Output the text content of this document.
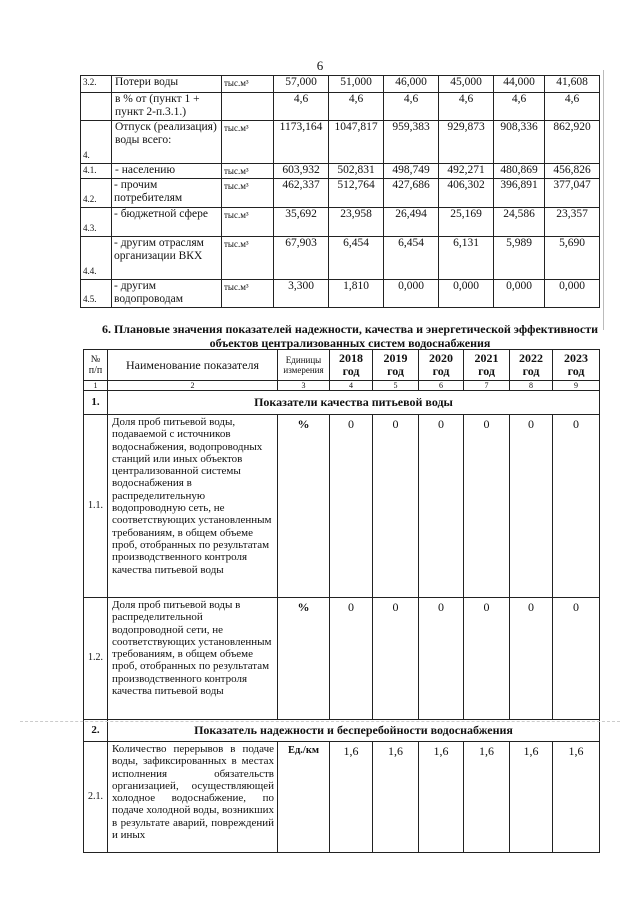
6
3.2.	Потери воды	тыс.м³	57,000	51,000	46,000	45,000	44,000	41,608
	в % от (пункт 1 + пункт 2-п.3.1.)		4,6	4,6	4,6	4,6	4,6	4,6
4.	Отпуск (реализация) воды всего:	тыс.м³	1173,164	1047,817	959,383	929,873	908,336	862,920
4.1.	- населению	тыс.м³	603,932	502,831	498,749	492,271	480,869	456,826
4.2.	- прочим потребителям	тыс.м³	462,337	512,764	427,686	406,302	396,891	377,047
4.3.	- бюджетной сфере	тыс.м³	35,692	23,958	26,494	25,169	24,586	23,357
4.4.	- другим отраслям организации ВКХ	тыс.м³	67,903	6,454	6,454	6,131	5,989	5,690
4.5.	- другим водопроводам	тыс.м³	3,300	1,810	0,000	0,000	0,000	0,000
6. Плановые значения показателей надежности, качества и энергетической эффективности объектов централизованных систем водоснабжения
№ п/п	Наименование показателя	Единицы измерения	2018 год	2019 год	2020 год	2021 год	2022 год	2023 год
1	2	3	4	5	6	7	8	9
1.	Показатели качества питьевой воды							
1.1.	Доля проб питьевой воды, подаваемой с источников водоснабжения, водопроводных станций или иных объектов централизованной системы водоснабжения в распределительную водопроводную сеть, не соответствующих установленным требованиям, в общем объеме проб, отобранных по результатам производственного контроля качества питьевой воды	%	0	0	0	0	0	0
1.2.	Доля проб питьевой воды в распределительной водопроводной сети, не соответствующих установленным требованиям, в общем объеме проб, отобранных по результатам производственного контроля качества питьевой воды	%	0	0	0	0	0	0
2.	Показатель надежности и бесперебойности водоснабжения							
2.1.	Количество перерывов в подаче воды, зафиксированных в местах исполнения обязательств организацией, осуществляющей холодное водоснабжение, по подаче холодной воды, возникших в результате аварий, повреждений и иных	Ед./км	1,6	1,6	1,6	1,6	1,6	1,6
